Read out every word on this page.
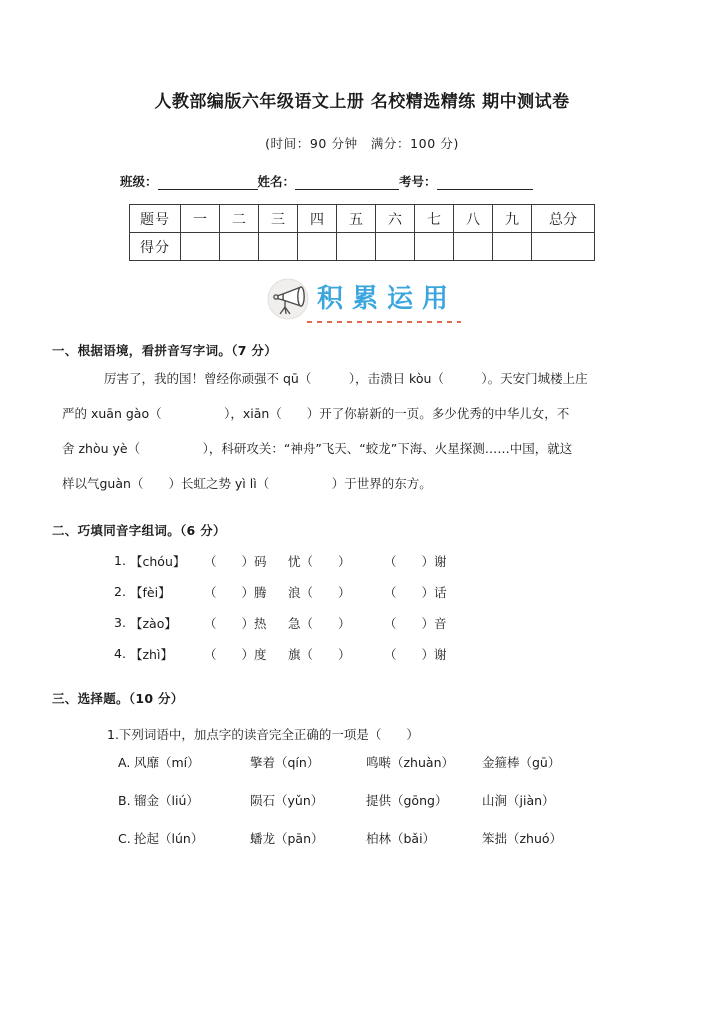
人教部编版六年级语文上册 名校精选精练 期中测试卷
(时间：90 分钟　满分：100 分)
班级：	姓名：	考号：
题号	一	二	三	四	五	六	七	八	九	总分
得分										
积累运用
一、根据语境，看拼音写字词。（7 分）
厉害了，我的国！曾经你顽强不 qū（　　　），击溃日 kòu（　　　）。天安门城楼上庄
严的 xuān gào（　　　　　），xiān（　　）开了你崭新的一页。多少优秀的中华儿女，不
舍 zhòu yè（　　　　　），科研攻关：“神舟”飞天、“蛟龙”下海、火星探测……中国，就这
样以气guàn（　　）长虹之势 yì lì（　　　　　）于世界的东方。
二、巧填同音字组词。（6 分）
1. 【chóu】	（　　）码	忧（　　）	（　　）谢
2. 【fèi】	（　　）腾	浪（　　）	（　　）话
3. 【zào】	（　　）热	急（　　）	（　　）音
4. 【zhì】	（　　）度	旗（　　）	（　　）谢
三、选择题。（10 分）
1.下列词语中，加点字的读音完全正确的一项是（　　）
A. 风靡（mí）	擎着（qín）	鸣啭（zhuàn）	金箍棒（gū）
B. 镏金（liú）	陨石（yǔn）	提供（gōng）	山涧（jiàn）
C. 抡起（lún）	蟠龙（pān）	柏林（bǎi）	笨拙（zhuó）
